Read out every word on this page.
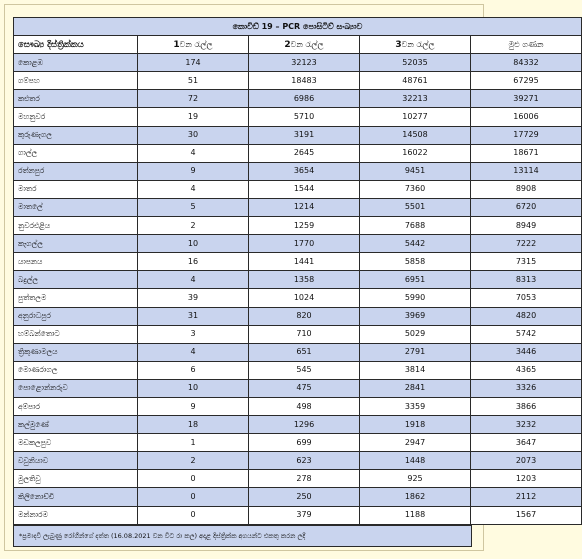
කොවිඩ් 19 – PCR පොසිටිව් සංඛ්‍යාව				
සෞඛ්‍ය දිස්ත්‍රික්කය	1වන රැල්ල	2වන රැල්ල	3වන රැල්ල	මුළු ගණන
කොළඹ	174	32123	52035	84332
ගම්පහ	51	18483	48761	67295
කළුතර	72	6986	32213	39271
මහනුවර	19	5710	10277	16006
කුරුණෑගල	30	3191	14508	17729
ගාල්ල	4	2645	16022	18671
රත්නපුර	9	3654	9451	13114
මාතර	4	1544	7360	8908
මාතලේ	5	1214	5501	6720
නුවරඑළිය	2	1259	7688	8949
කෑගල්ල	10	1770	5442	7222
යාපනය	16	1441	5858	7315
බදුල්ල	4	1358	6951	8313
පුත්තලම	39	1024	5990	7053
අනුරාධපුර	31	820	3969	4820
හම්බන්තොට	3	710	5029	5742
ත්‍රිකුණාමලය	4	651	2791	3446
මොණරාගල	6	545	3814	4365
පොළොන්නරුව	10	475	2841	3326
අම්පාර	9	498	3359	3866
කල්මුණේ	18	1296	1918	3232
මඩකලපුව	1	699	2947	3647
වවුනියාව	2	623	1448	2073
මුලතිවු	0	278	925	1203
කිලිනොච්චි	0	250	1862	2112
මන්නාරම	0	379	1188	1567
*ප්‍රමාදවී ලැබුණු රෝගීන්ගේ දත්ත (16.08.2021 වන විට රා කල) අදාළ දිස්ත්‍රික්ක අගයන්ට එකතු කරන ලදී
